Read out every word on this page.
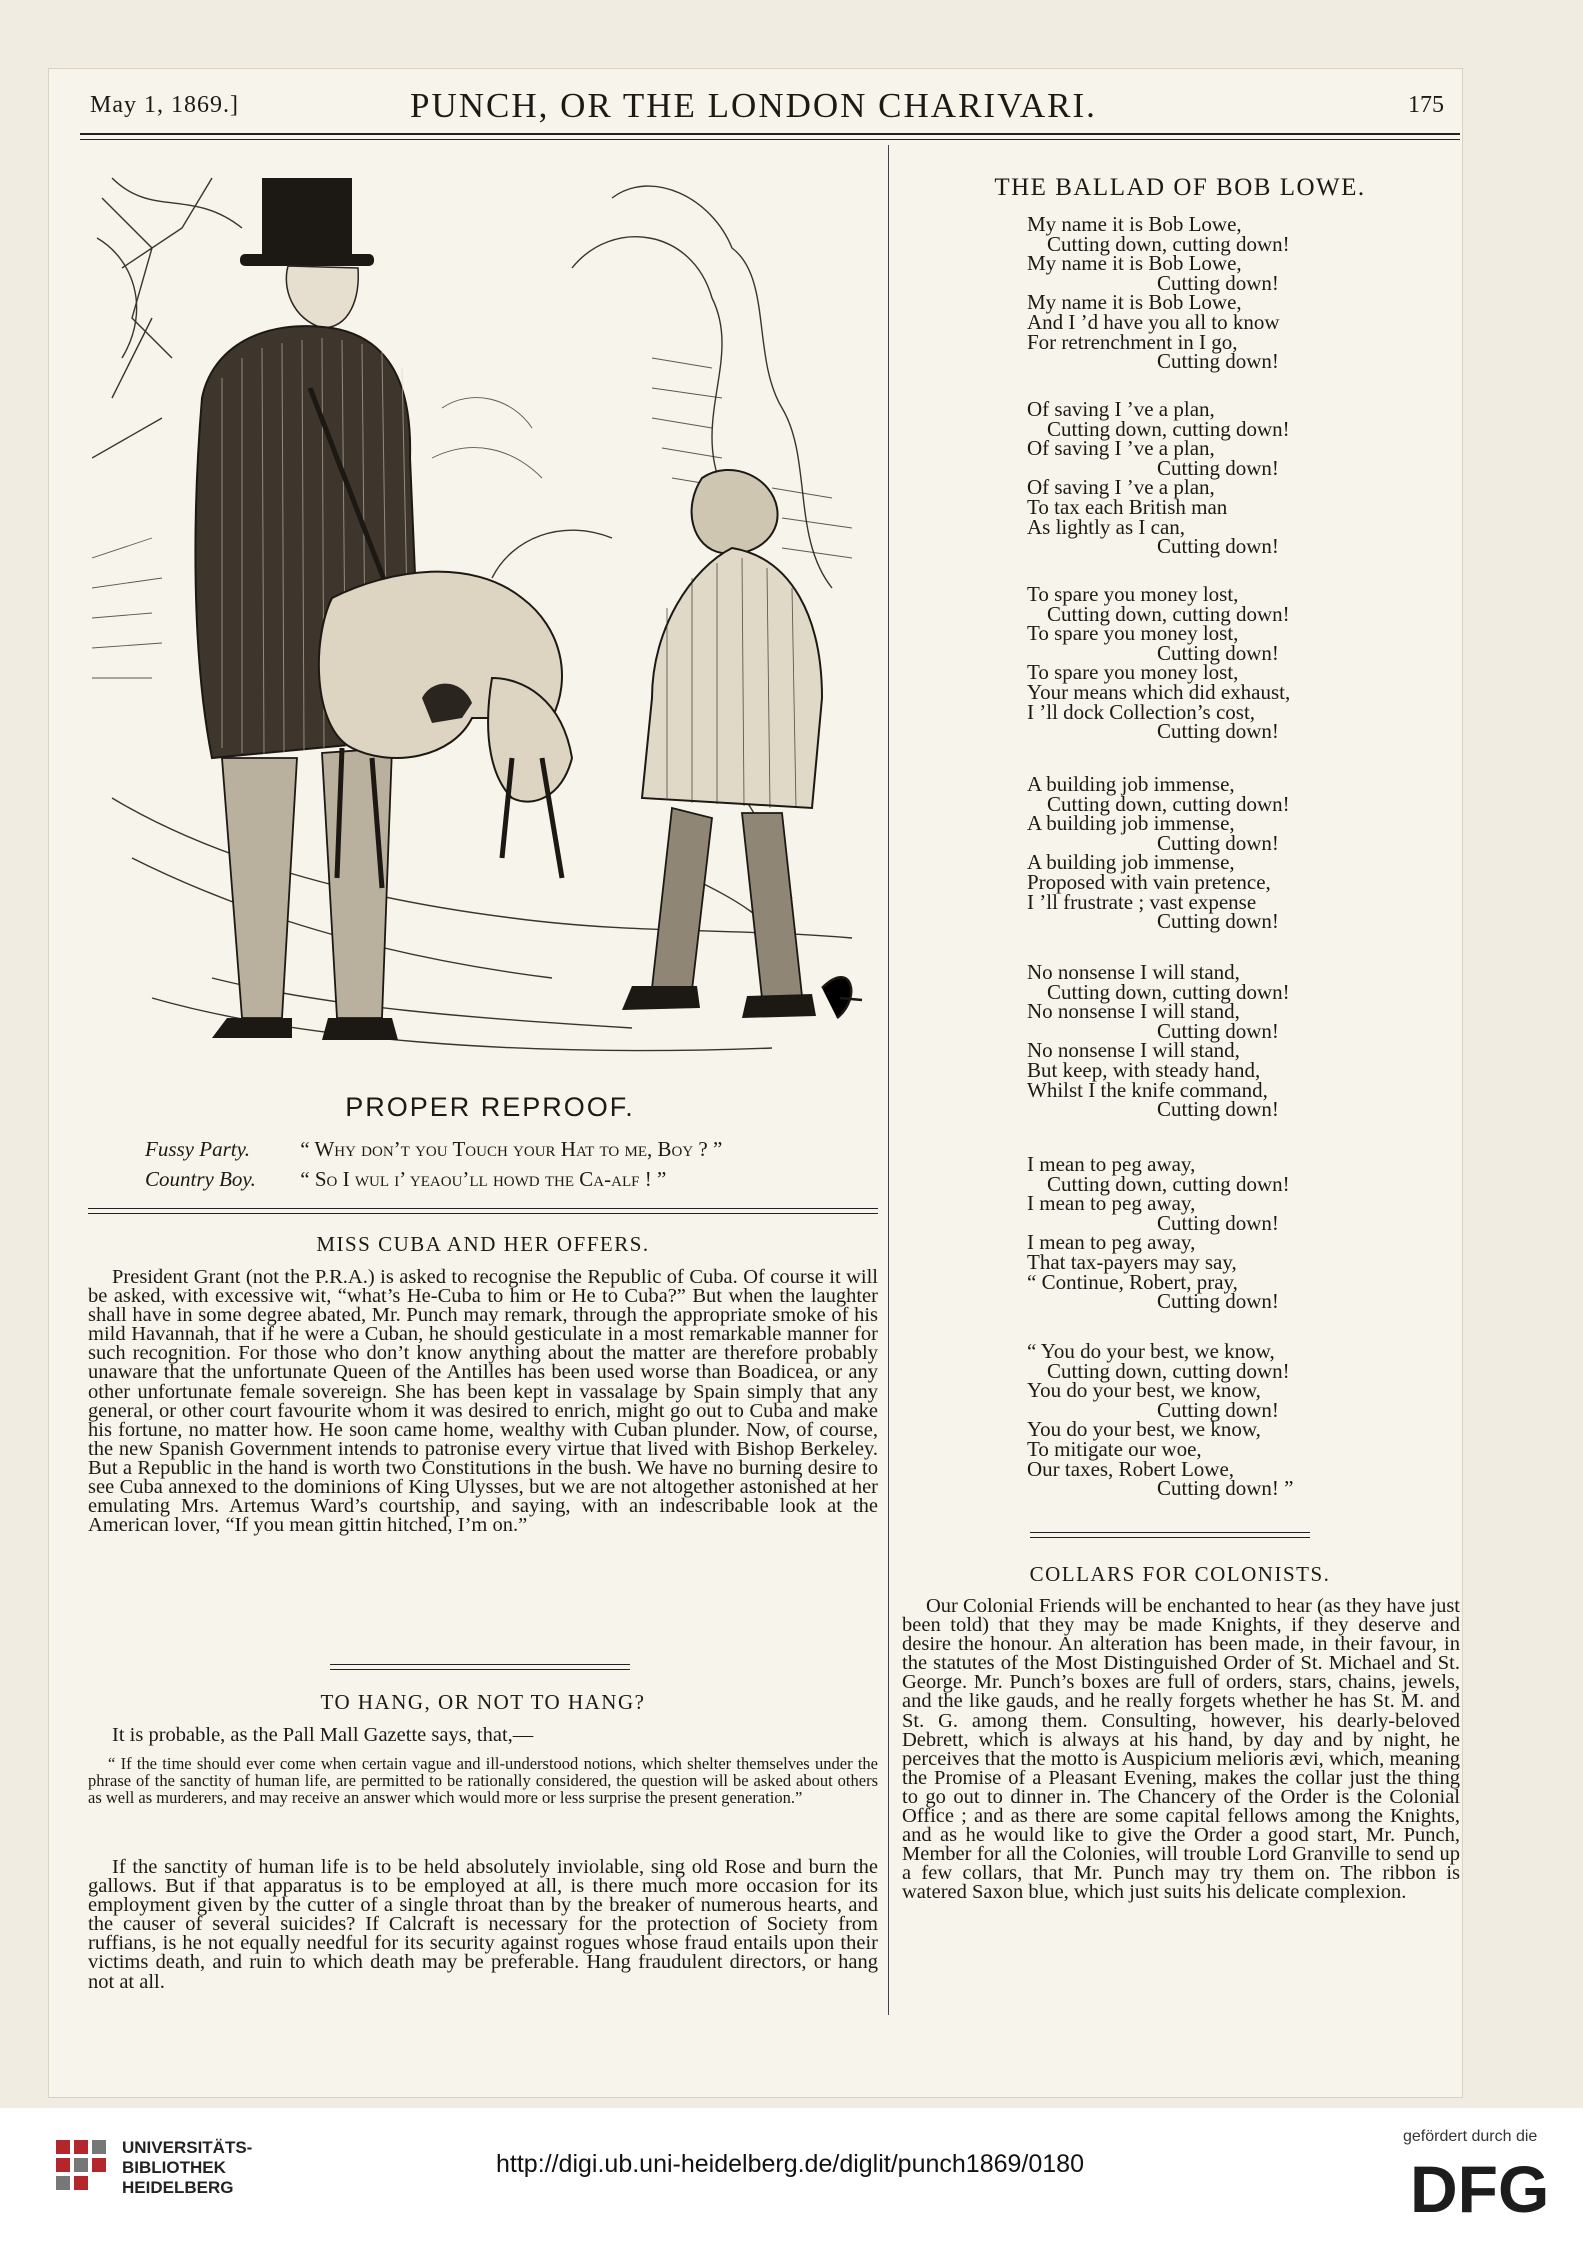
May 1, 1869.]	PUNCH, OR THE LONDON CHARIVARI.	175
PROPER REPROOF.
Fussy Party. “ Why don’t you Touch your Hat to me, Boy ? ”
Country Boy. “ So I wul i’ yeaou’ll howd the Ca-alf ! ”
MISS CUBA AND HER OFFERS.

President Grant (not the P.R.A.) is asked to recognise the Republic of Cuba. Of course it will be asked, with excessive wit, “what’s He-Cuba to him or He to Cuba?” But when the laughter shall have in some degree abated, Mr. Punch may remark, through the appropriate smoke of his mild Havannah, that if he were a Cuban, he should gesticulate in a most remarkable manner for such recognition. For those who don’t know anything about the matter are therefore probably unaware that the unfortunate Queen of the Antilles has been used worse than Boadicea, or any other unfortunate female sovereign. She has been kept in vassalage by Spain simply that any general, or other court favourite whom it was desired to enrich, might go out to Cuba and make his fortune, no matter how. He soon came home, wealthy with Cuban plunder. Now, of course, the new Spanish Government intends to patronise every virtue that lived with Bishop Berkeley. But a Republic in the hand is worth two Constitutions in the bush. We have no burning desire to see Cuba annexed to the dominions of King Ulysses, but we are not altogether astonished at her emulating Mrs. Artemus Ward’s courtship, and saying, with an indescribable look at the American lover, “If you mean gittin hitched, I’m on.”

TO HANG, OR NOT TO HANG?

It is probable, as the Pall Mall Gazette says, that,—

“ If the time should ever come when certain vague and ill-understood notions, which shelter themselves under the phrase of the sanctity of human life, are permitted to be rationally considered, the question will be asked about others as well as murderers, and may receive an answer which would more or less surprise the present generation.”

If the sanctity of human life is to be held absolutely inviolable, sing old Rose and burn the gallows. But if that apparatus is to be employed at all, is there much more occasion for its employment given by the cutter of a single throat than by the breaker of numerous hearts, and the causer of several suicides? If Calcraft is necessary for the protection of Society from ruffians, is he not equally needful for its security against rogues whose fraud entails upon their victims death, and ruin to which death may be preferable. Hang fraudulent directors, or hang not at all.

THE BALLAD OF BOB LOWE.
My name it is Bob Lowe,
Cutting down, cutting down!
My name it is Bob Lowe,
Cutting down!
My name it is Bob Lowe,
And I ’d have you all to know
For retrenchment in I go,
Cutting down!
Of saving I ’ve a plan,
Cutting down, cutting down!
Of saving I ’ve a plan,
Cutting down!
Of saving I ’ve a plan,
To tax each British man
As lightly as I can,
Cutting down!
To spare you money lost,
Cutting down, cutting down!
To spare you money lost,
Cutting down!
To spare you money lost,
Your means which did exhaust,
I ’ll dock Collection’s cost,
Cutting down!
A building job immense,
Cutting down, cutting down!
A building job immense,
Cutting down!
A building job immense,
Proposed with vain pretence,
I ’ll frustrate ; vast expense
Cutting down!
No nonsense I will stand,
Cutting down, cutting down!
No nonsense I will stand,
Cutting down!
No nonsense I will stand,
But keep, with steady hand,
Whilst I the knife command,
Cutting down!
I mean to peg away,
Cutting down, cutting down!
I mean to peg away,
Cutting down!
I mean to peg away,
That tax-payers may say,
“ Continue, Robert, pray,
Cutting down!
“ You do your best, we know,
Cutting down, cutting down!
You do your best, we know,
Cutting down!
You do your best, we know,
To mitigate our woe,
Our taxes, Robert Lowe,
Cutting down! ”
COLLARS FOR COLONISTS.

Our Colonial Friends will be enchanted to hear (as they have just been told) that they may be made Knights, if they deserve and desire the honour. An alteration has been made, in their favour, in the statutes of the Most Distinguished Order of St. Michael and St. George. Mr. Punch’s boxes are full of orders, stars, chains, jewels, and the like gauds, and he really forgets whether he has St. M. and St. G. among them. Consulting, however, his dearly-beloved Debrett, which is always at his hand, by day and by night, he perceives that the motto is Auspicium melioris ævi, which, meaning the Promise of a Pleasant Evening, makes the collar just the thing to go out to dinner in. The Chancery of the Order is the Colonial Office ; and as there are some capital fellows among the Knights, and as he would like to give the Order a good start, Mr. Punch, Member for all the Colonies, will trouble Lord Granville to send up a few collars, that Mr. Punch may try them on. The ribbon is watered Saxon blue, which just suits his delicate complexion.

UNIVERSITÄTS-
BIBLIOTHEK
HEIDELBERG
http://digi.ub.uni-heidelberg.de/diglit/punch1869/0180
gefördert durch die
DFG
